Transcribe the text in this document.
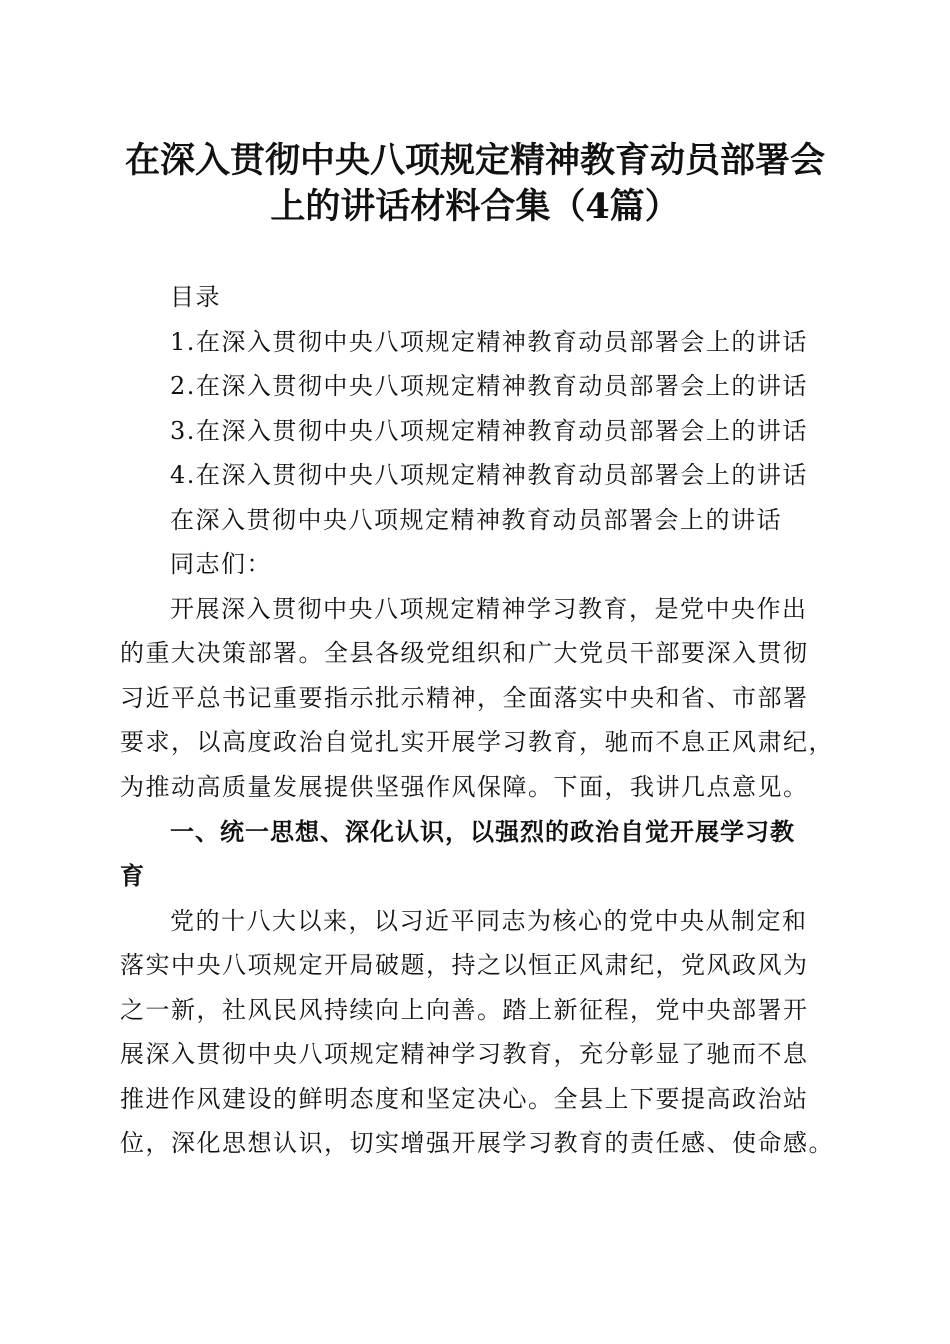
在深入贯彻中央八项规定精神教育动员部署会
上的讲话材料合集（4篇）
目录
1.在深入贯彻中央八项规定精神教育动员部署会上的讲话
2.在深入贯彻中央八项规定精神教育动员部署会上的讲话
3.在深入贯彻中央八项规定精神教育动员部署会上的讲话
4.在深入贯彻中央八项规定精神教育动员部署会上的讲话
在深入贯彻中央八项规定精神教育动员部署会上的讲话
同志们：
开展深入贯彻中央八项规定精神学习教育，是党中央作出
的重大决策部署。全县各级党组织和广大党员干部要深入贯彻
习近平总书记重要指示批示精神，全面落实中央和省、市部署
要求，以高度政治自觉扎实开展学习教育，驰而不息正风肃纪，
为推动高质量发展提供坚强作风保障。下面，我讲几点意见。
一、统一思想、深化认识，以强烈的政治自觉开展学习教
育
党的十八大以来，以习近平同志为核心的党中央从制定和
落实中央八项规定开局破题，持之以恒正风肃纪，党风政风为
之一新，社风民风持续向上向善。踏上新征程，党中央部署开
展深入贯彻中央八项规定精神学习教育，充分彰显了驰而不息
推进作风建设的鲜明态度和坚定决心。全县上下要提高政治站
位，深化思想认识，切实增强开展学习教育的责任感、使命感。
